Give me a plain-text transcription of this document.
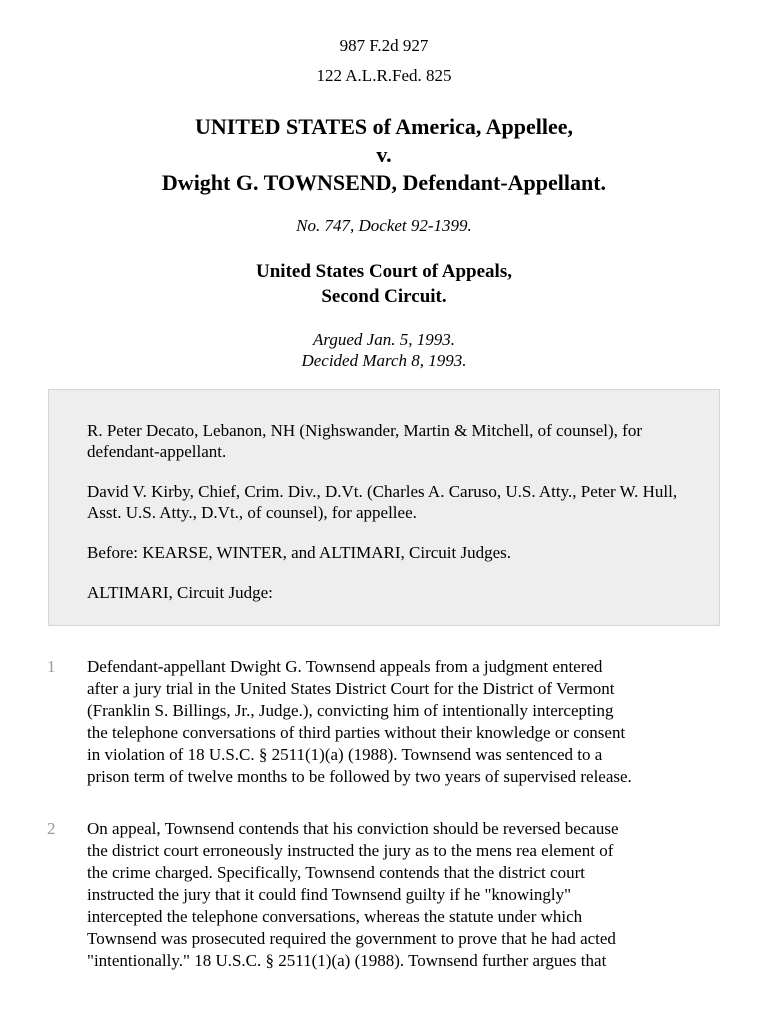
987 F.2d 927
122 A.L.R.Fed. 825
UNITED STATES of America, Appellee,
v.
Dwight G. TOWNSEND, Defendant-Appellant.
No. 747, Docket 92-1399.
United States Court of Appeals,
Second Circuit.
Argued Jan. 5, 1993.
Decided March 8, 1993.

R. Peter Decato, Lebanon, NH (Nighswander, Martin & Mitchell, of counsel), for defendant-appellant.

David V. Kirby, Chief, Crim. Div., D.Vt. (Charles A. Caruso, U.S. Atty., Peter W. Hull, Asst. U.S. Atty., D.Vt., of counsel), for appellee.

Before: KEARSE, WINTER, and ALTIMARI, Circuit Judges.

ALTIMARI, Circuit Judge:

1	Defendant-appellant Dwight G. Townsend appeals from a judgment entered
after a jury trial in the United States District Court for the District of Vermont
(Franklin S. Billings, Jr., Judge.), convicting him of intentionally intercepting
the telephone conversations of third parties without their knowledge or consent
in violation of 18 U.S.C. § 2511(1)(a) (1988). Townsend was sentenced to a
prison term of twelve months to be followed by two years of supervised release.
2	On appeal, Townsend contends that his conviction should be reversed because
the district court erroneously instructed the jury as to the mens rea element of
the crime charged. Specifically, Townsend contends that the district court
instructed the jury that it could find Townsend guilty if he "knowingly"
intercepted the telephone conversations, whereas the statute under which
Townsend was prosecuted required the government to prove that he had acted
"intentionally." 18 U.S.C. § 2511(1)(a) (1988). Townsend further argues that
